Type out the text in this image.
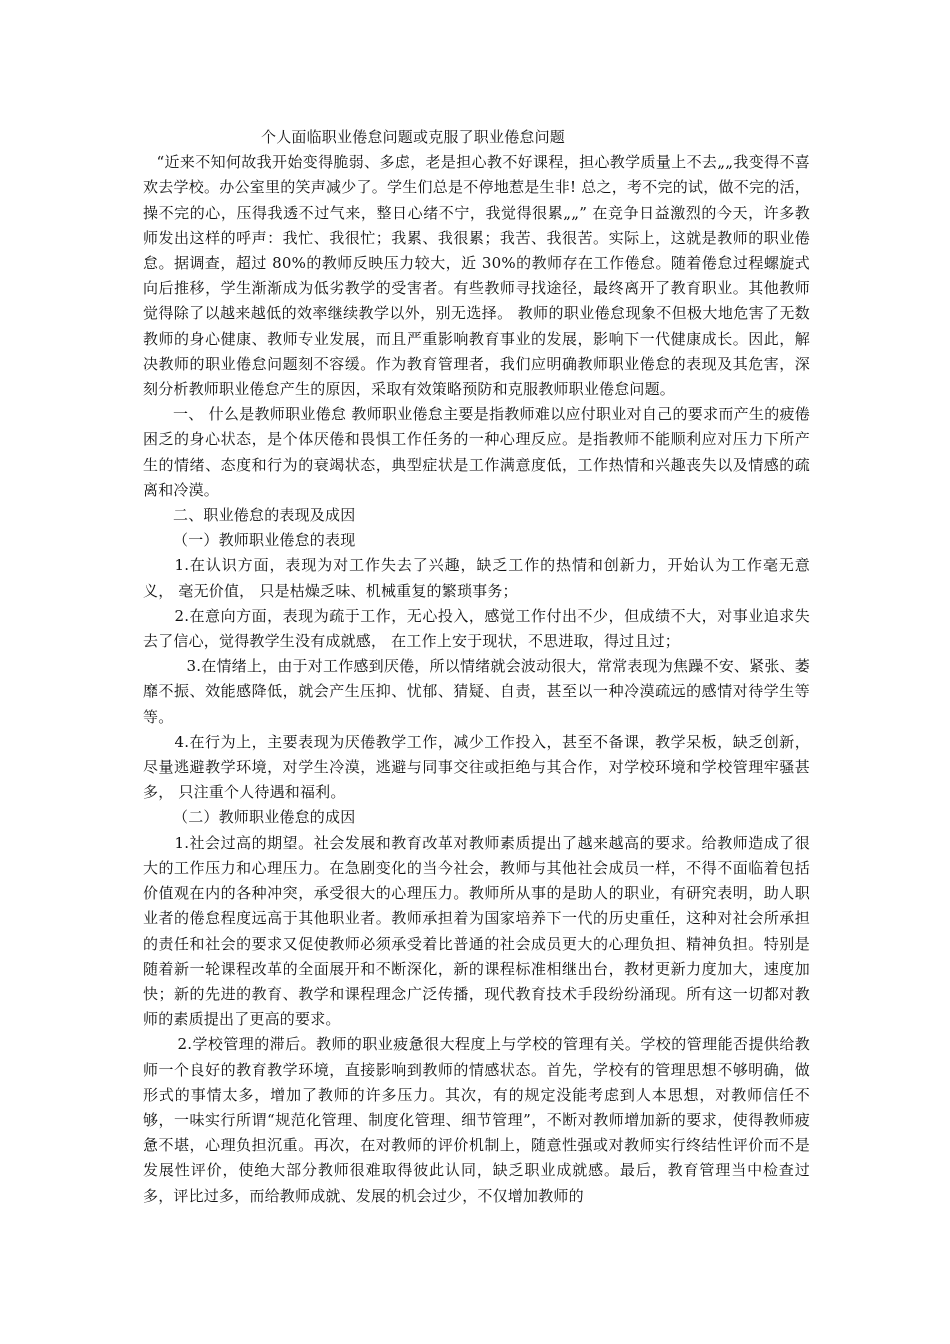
个人面临职业倦怠问题或克服了职业倦怠问题

“近来不知何故我开始变得脆弱、多虑，老是担心教不好课程，担心教学质量上不去„„我变得不喜欢去学校。办公室里的笑声减少了。学生们总是不停地惹是生非! 总之，考不完的试，做不完的活，操不完的心，压得我透不过气来，整日心绪不宁，我觉得很累„„” 在竞争日益激烈的今天，许多教师发出这样的呼声：我忙、我很忙；我累、我很累；我苦、我很苦。实际上，这就是教师的职业倦怠。据调查，超过 80%的教师反映压力较大，近 30%的教师存在工作倦怠。随着倦怠过程螺旋式向后推移，学生渐渐成为低劣教学的受害者。有些教师寻找途径，最终离开了教育职业。其他教师觉得除了以越来越低的效率继续教学以外，别无选择。 教师的职业倦怠现象不但极大地危害了无数教师的身心健康、教师专业发展，而且严重影响教育事业的发展，影响下一代健康成长。因此，解决教师的职业倦怠问题刻不容缓。作为教育管理者，我们应明确教师职业倦怠的表现及其危害，深刻分析教师职业倦怠产生的原因，采取有效策略预防和克服教师职业倦怠问题。

一、 什么是教师职业倦怠 教师职业倦怠主要是指教师难以应付职业对自己的要求而产生的疲倦困乏的身心状态，是个体厌倦和畏惧工作任务的一种心理反应。是指教师不能顺利应对压力下所产生的情绪、态度和行为的衰竭状态，典型症状是工作满意度低，工作热情和兴趣丧失以及情感的疏离和冷漠。

二、职业倦怠的表现及成因

（一）教师职业倦怠的表现

1.在认识方面，表现为对工作失去了兴趣，缺乏工作的热情和创新力，开始认为工作毫无意义， 毫无价值， 只是枯燥乏味、机械重复的繁琐事务；

2.在意向方面，表现为疏于工作，无心投入，感觉工作付出不少，但成绩不大，对事业追求失去了信心，觉得教学生没有成就感， 在工作上安于现状，不思进取，得过且过；

3.在情绪上，由于对工作感到厌倦，所以情绪就会波动很大，常常表现为焦躁不安、紧张、萎靡不振、效能感降低，就会产生压抑、忧郁、猜疑、自责，甚至以一种冷漠疏远的感情对待学生等等。

4.在行为上，主要表现为厌倦教学工作，减少工作投入，甚至不备课，教学呆板，缺乏创新，尽量逃避教学环境，对学生冷漠，逃避与同事交往或拒绝与其合作，对学校环境和学校管理牢骚甚多， 只注重个人待遇和福利。

（二）教师职业倦怠的成因

1.社会过高的期望。社会发展和教育改革对教师素质提出了越来越高的要求。给教师造成了很大的工作压力和心理压力。在急剧变化的当今社会，教师与其他社会成员一样，不得不面临着包括价值观在内的各种冲突，承受很大的心理压力。教师所从事的是助人的职业，有研究表明，助人职业者的倦怠程度远高于其他职业者。教师承担着为国家培养下一代的历史重任，这种对社会所承担的责任和社会的要求又促使教师必须承受着比普通的社会成员更大的心理负担、精神负担。特别是随着新一轮课程改革的全面展开和不断深化，新的课程标准相继出台，教材更新力度加大，速度加快；新的先进的教育、教学和课程理念广泛传播，现代教育技术手段纷纷涌现。所有这一切都对教师的素质提出了更高的要求。

2.学校管理的滞后。教师的职业疲惫很大程度上与学校的管理有关。学校的管理能否提供给教师一个良好的教育教学环境，直接影响到教师的情感状态。首先，学校有的管理思想不够明确，做形式的事情太多，增加了教师的许多压力。其次，有的规定没能考虑到人本思想，对教师信任不够，一味实行所谓“规范化管理、制度化管理、细节管理”，不断对教师增加新的要求，使得教师疲惫不堪，心理负担沉重。再次，在对教师的评价机制上，随意性强或对教师实行终结性评价而不是发展性评价，使绝大部分教师很难取得彼此认同，缺乏职业成就感。最后，教育管理当中检查过多，评比过多，而给教师成就、发展的机会过少，不仅增加教师的
